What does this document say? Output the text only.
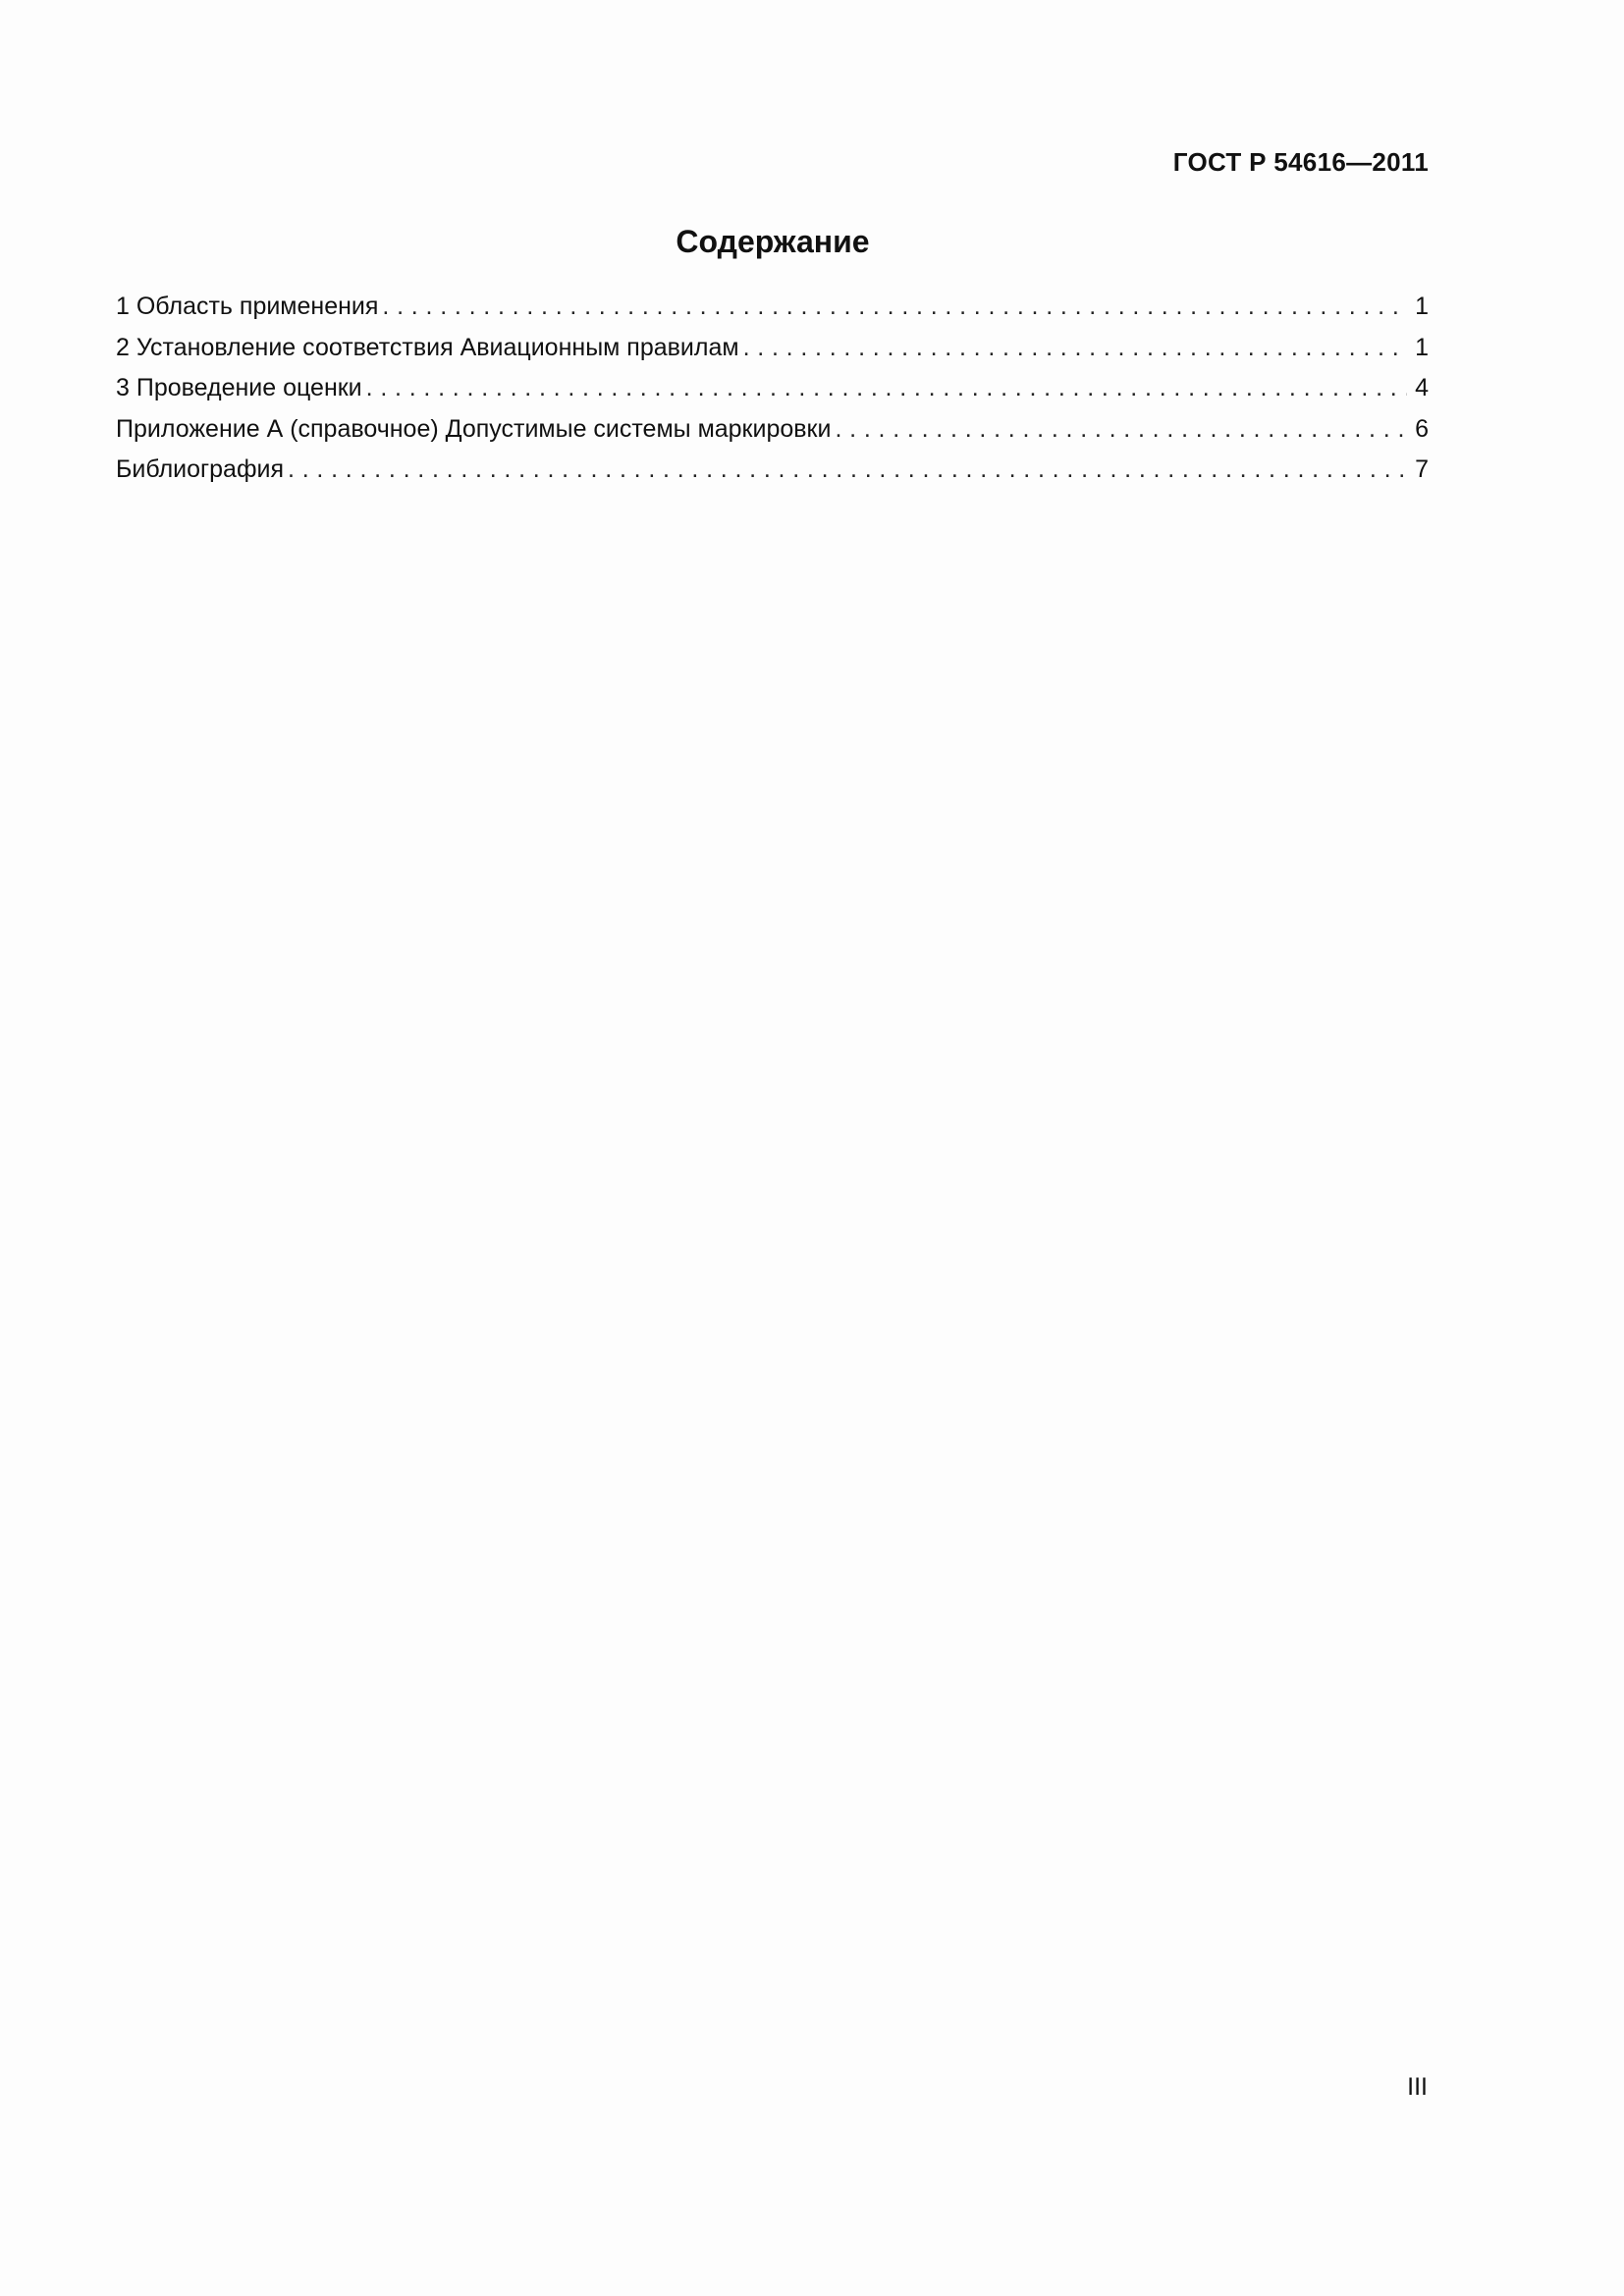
ГОСТ Р 54616—2011
Содержание
1 Область применения . . .	1
2 Установление соответствия Авиационным правилам . . .	1
3 Проведение оценки . . .	4
Приложение А (справочное) Допустимые системы маркировки . . .	6
Библиография . . .	7
III
